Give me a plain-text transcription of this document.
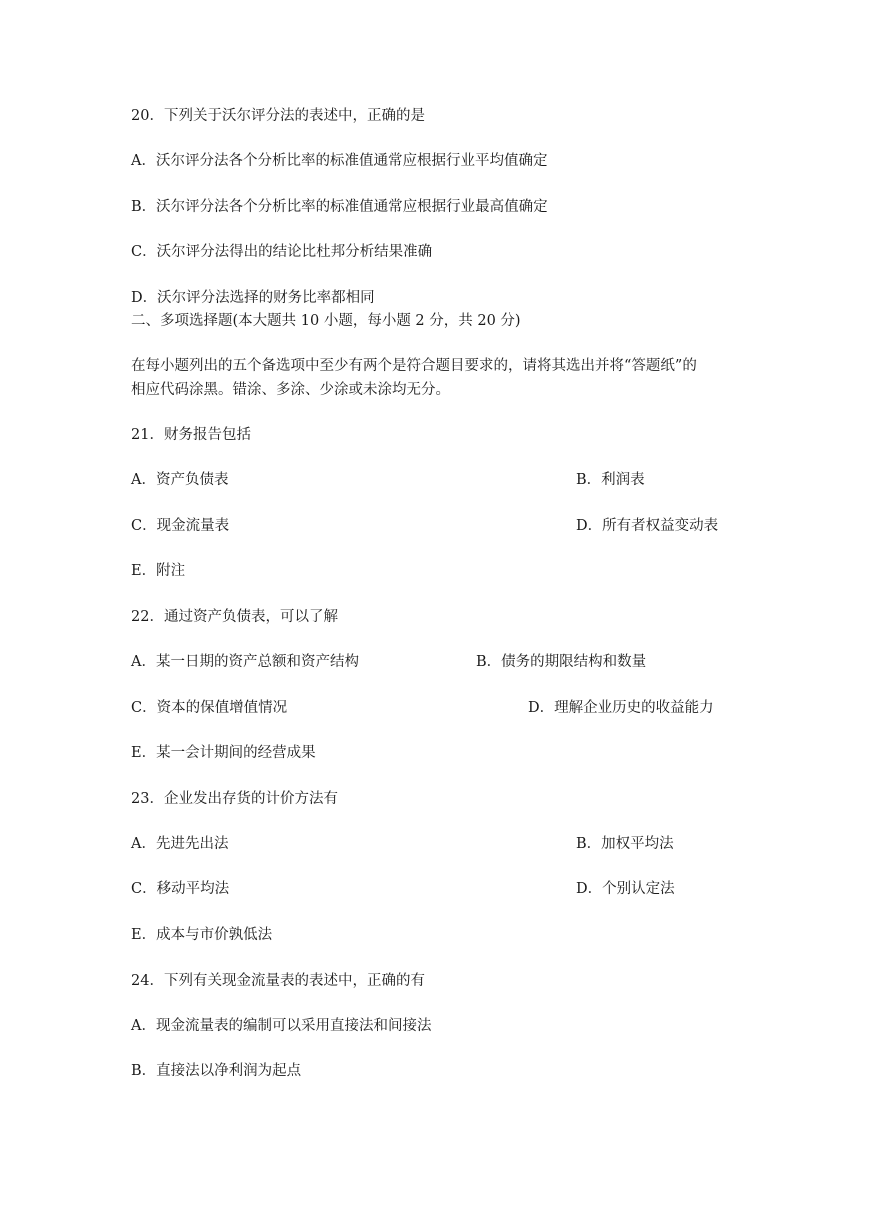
20．下列关于沃尔评分法的表述中，正确的是
A．沃尔评分法各个分析比率的标准值通常应根据行业平均值确定
B．沃尔评分法各个分析比率的标准值通常应根据行业最高值确定
C．沃尔评分法得出的结论比杜邦分析结果准确
D．沃尔评分法选择的财务比率都相同
二、多项选择题(本大题共 10 小题，每小题 2 分，共 20 分)
在每小题列出的五个备选项中至少有两个是符合题目要求的，请将其选出并将“答题纸”的
相应代码涂黑。错涂、多涂、少涂或未涂均无分。
21．财务报告包括
A．资产负债表	B．利润表
C．现金流量表	D．所有者权益变动表
E．附注
22．通过资产负债表，可以了解
A．某一日期的资产总额和资产结构	B．债务的期限结构和数量
C．资本的保值增值情况	D．理解企业历史的收益能力
E．某一会计期间的经营成果
23．企业发出存货的计价方法有
A．先进先出法	B．加权平均法
C．移动平均法	D．个别认定法
E．成本与市价孰低法
24．下列有关现金流量表的表述中，正确的有
A．现金流量表的编制可以采用直接法和间接法
B．直接法以净利润为起点
